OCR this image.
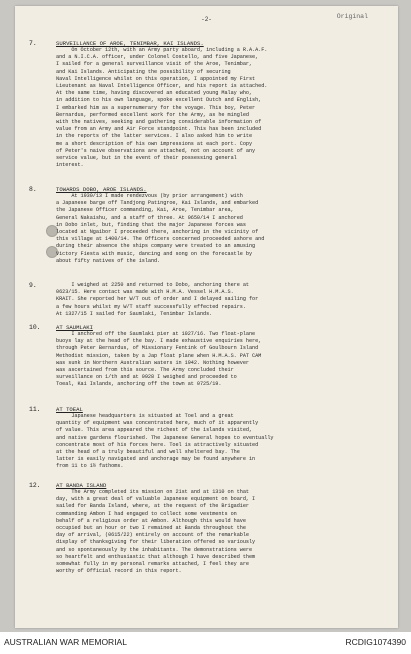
-2-	Original
7.	SURVEILLANCE OF AROE, TENIMBAR, KAI ISLANDS.
On October 12th, with an Army party aboard, including a R.A.A.F.
and a N.I.C.A. officer, under Colonel Costello, and five Japanese,
I sailed for a general surveillance visit of the Aroe, Tenimbar,
and Kai Islands. Anticipating the possibility of securing
Naval Intelligence whilst on this operation, I appointed my First
Lieutenant as Naval Intelligence Officer, and his report is attached.
At the same time, having discovered an educated young Malay who,
in addition to his own language, spoke excellent Dutch and English,
I embarked him as a supernumerary for the voyage. This boy, Peter
Bernardus, performed excellent work for the Army, as he mingled
with the natives, seeking and gathering considerable information of
value from an Army and Air Force standpoint. This has been included
in the reports of the latter services. I also asked him to write
me a short description of his own impressions at each port. Copy
of Peter's naive observations are attached, not on account of any
service value, but in the event of their possessing general
interest.
8.	TOWARDS DOBO, AROE ISLANDS.
At 1930/13 I made rendezvous (by prior arrangement) with
a Japanese barge off Tandjong Patingroe, Kai Islands, and embarked
the Japanese Officer commanding, Kai, Aroe, Tenimbar area,
General Nakaishu, and a staff of three. At 0650/14 I anchored
in Dobo inlet, but, finding that the major Japanese forces was
located at Ngaibor I proceeded there, anchoring in the vicinity of
this village at 1400/14. The Officers concerned proceeded ashore and
during their absence the ships company were treated to an amusing
Victory Fiesta with music, dancing and song on the forecastle by
about fifty natives of the island.
9.	I weighed at 2250 and returned to Dobo, anchoring there at
0623/15. Here contact was made with H.M.A. Vessel H.M.A.S.
KRAIT. She reported her W/T out of order and I delayed sailing for
a few hours whilst my W/T staff successfully effected repairs.
At 1327/15 I sailed for Saumlaki, Tenimbar Islands.
10.	AT SAUMLAKI
I anchored off the Saumlaki pier at 1027/16. Two float-plane
buoys lay at the head of the bay. I made exhaustive enquiries here,
through Peter Bernardus, of Missionary Fentink of Goulbourn Island
Methodist mission, taken by a Jap float plane when H.M.A.S. PAT CAM
was sunk in Northern Australian waters in 1942. Nothing however
was ascertained from this source. The Army concluded their
surveillance on 1/th and at 0928 I weighed and proceeded to
Toeal, Kai Islands, anchoring off the town at 0725/19.
11.	AT TOEAL
Japanese headquarters is situated at Toel and a great
quantity of equipment was concentrated here, much of it apparently
of value. This area appeared the richest of the islands visited,
and native gardens flourished. The Japanese General hopes to eventually
concentrate most of his forces here. Toel is attractively situated
at the head of a truly beautiful and well sheltered bay. The
latter is easily navigated and anchorage may be found anywhere in
from 11 to 1½ fathoms.
12.	AT BANDA ISLAND
The Army completed its mission on 21st and at 1310 on that
day, with a great deal of valuable Japanese equipment on board, I
sailed for Banda Island, where, at the request of the Brigadier
commanding Ambon I had engaged to collect some vestments on
behalf of a religious order at Ambon. Although this would have
occupied but an hour or two I remained at Banda throughout the
day of arrival, (0615/22) entirely on account of the remarkable
display of thanksgiving for their liberation offered so variously
and so spontaneously by the inhabitants. The demonstrations were
so heartfelt and enthusiastic that although I have described them
somewhat fully in my personal remarks attached, I feel they are
worthy of Official record in this report.
AUSTRALIAN WAR MEMORIAL	RCDIG1074390
